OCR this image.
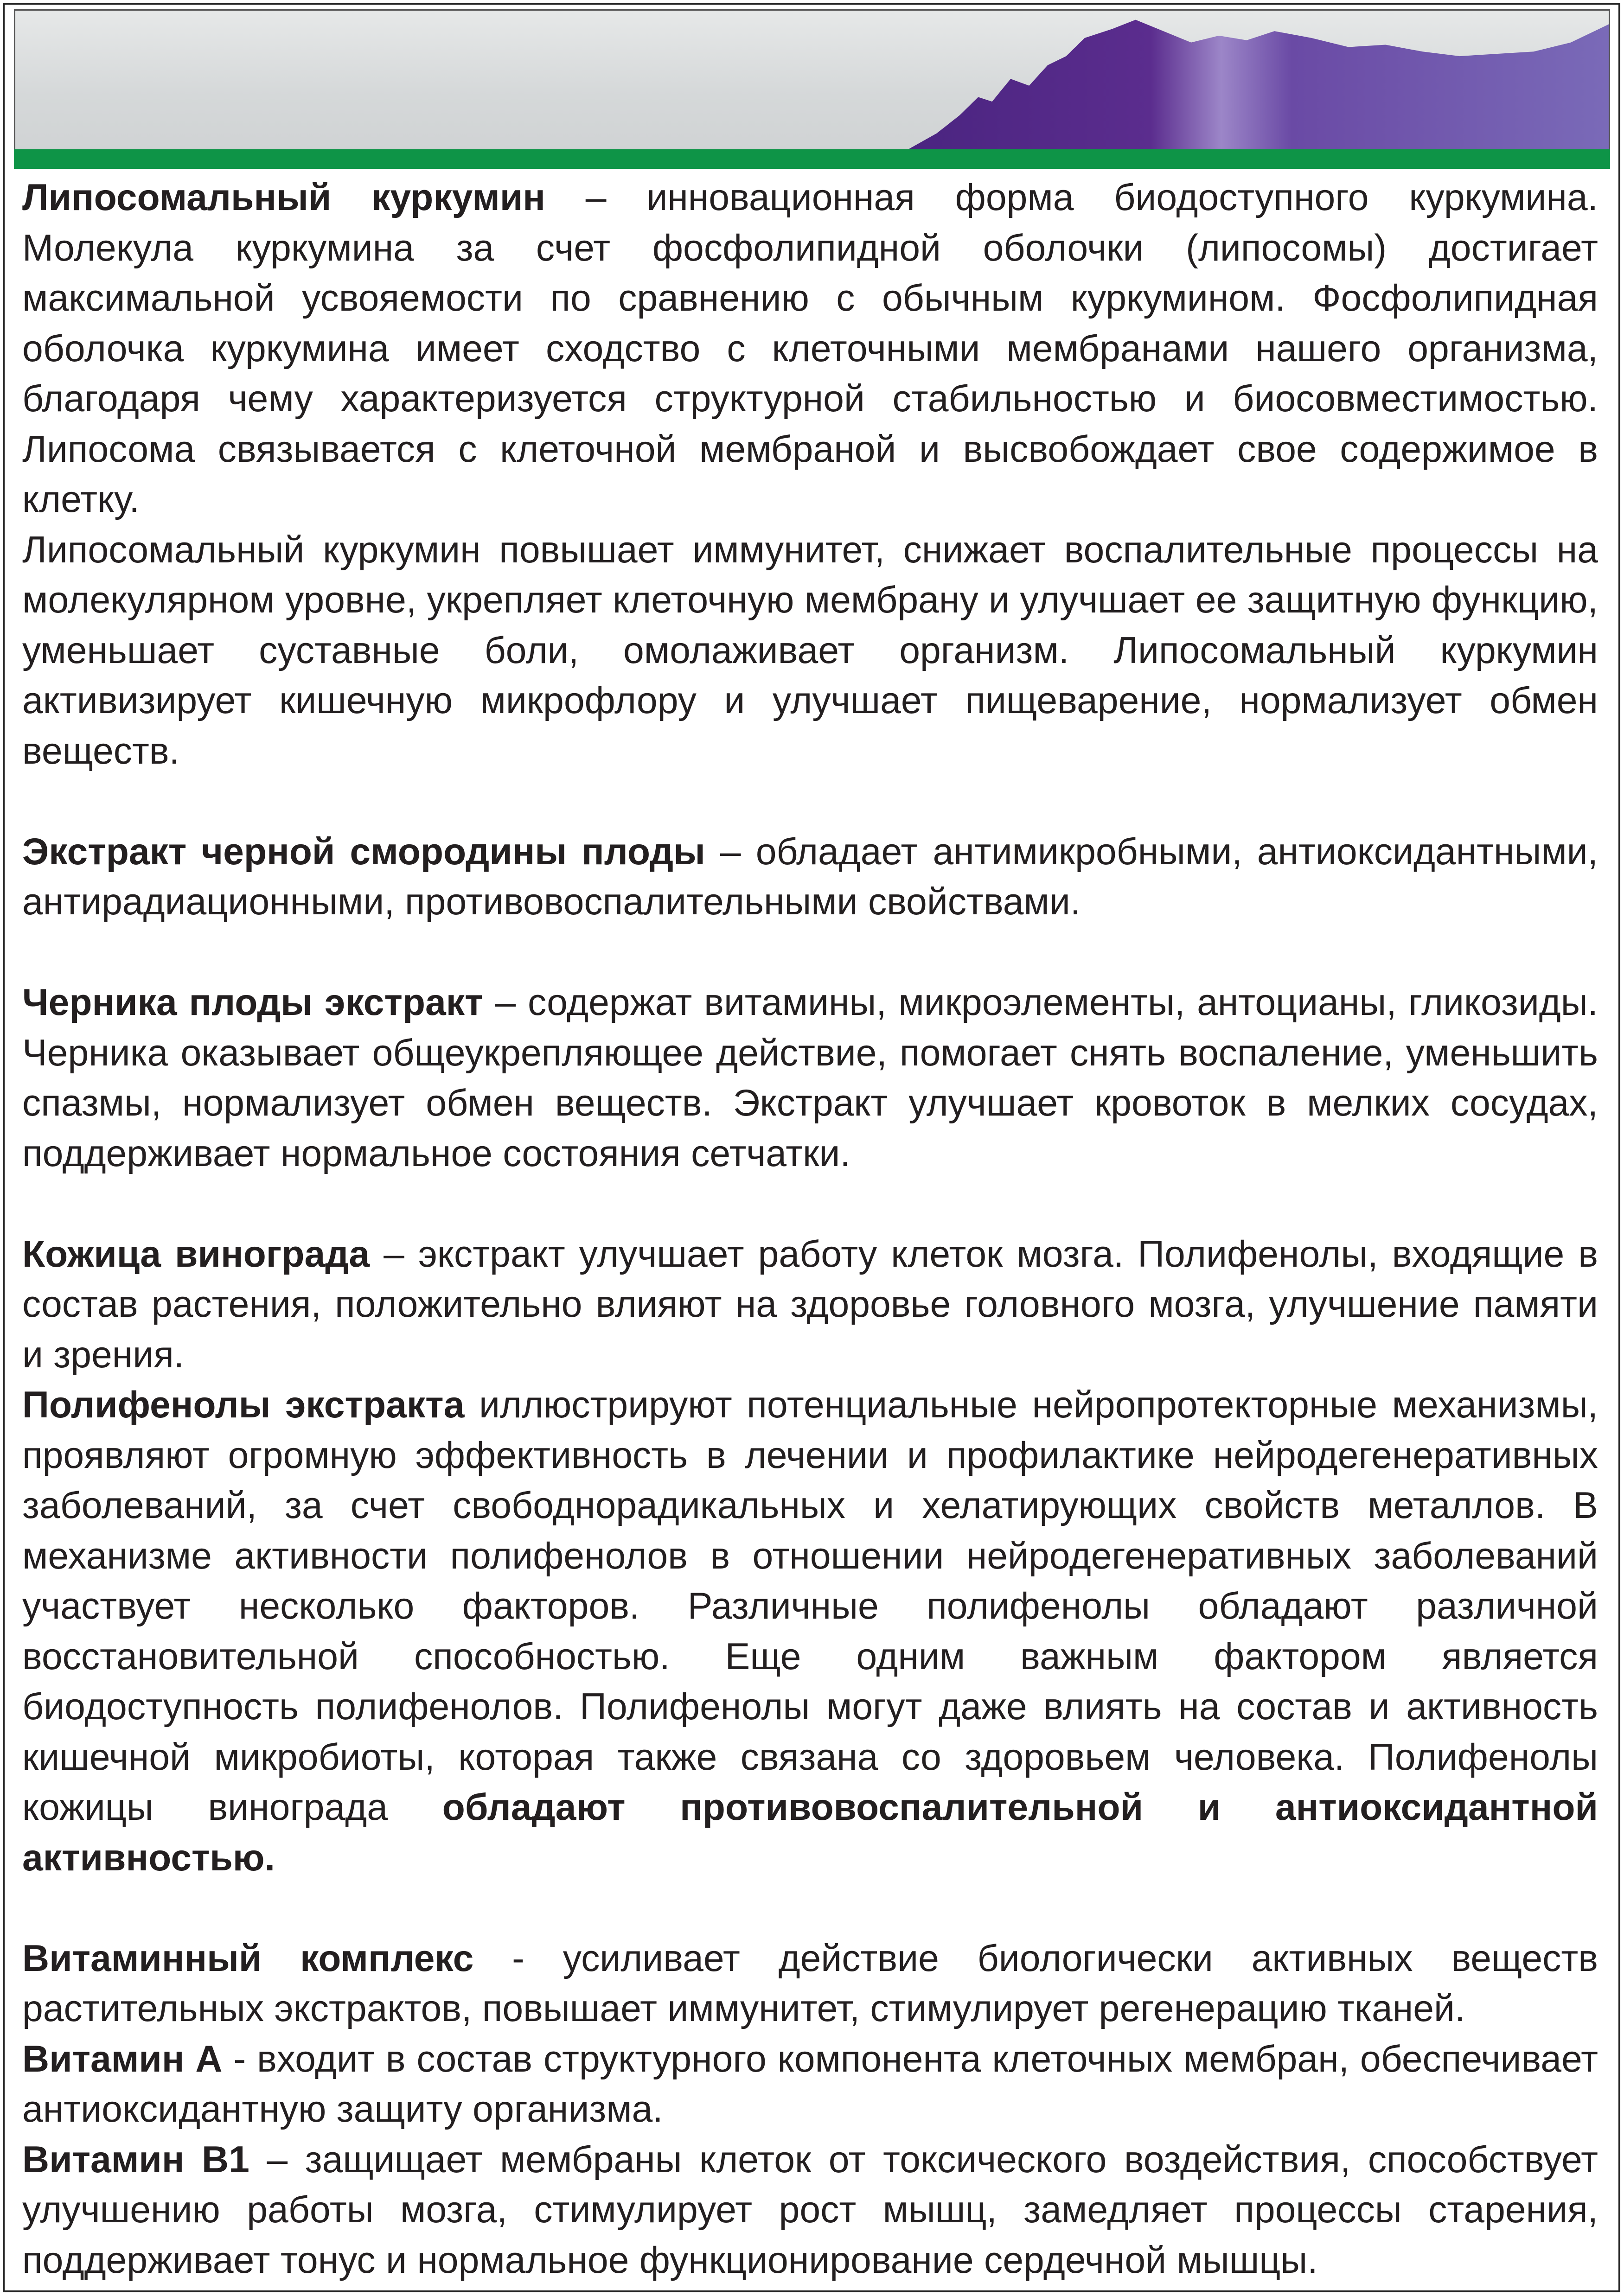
Липосомальный куркумин – инновационная форма биодоступного куркумина. Молекула куркумина за счет фосфолипидной оболочки (липосомы) достигает максимальной усвояемости по сравнению с обычным куркумином. Фосфолипидная оболочка куркумина имеет сходство с клеточными мембранами нашего организма, благодаря чему характеризуется структурной стабильностью и биосовместимостью. Липосома связывается с клеточной мембраной и высвобождает свое содержимое в клетку.

Липосомальный куркумин повышает иммунитет, снижает воспалительные процессы на молекулярном уровне, укрепляет клеточную мембрану и улучшает ее защитную функцию, уменьшает суставные боли, омолаживает организм. Липосомальный куркумин активизирует кишечную микрофлору и улучшает пищеварение, нормализует обмен веществ.

Экстракт черной смородины плоды – обладает антимикробными, антиоксидантными, антирадиационными, противовоспалительными свойствами.

Черника плоды экстракт – содержат витамины, микроэлементы, антоцианы, гликозиды. Черника оказывает общеукрепляющее действие, помогает снять воспаление, уменьшить спазмы, нормализует обмен веществ. Экстракт улучшает кровоток в мелких сосудах, поддерживает нормальное состояния сетчатки.

Кожица винограда – экстракт улучшает работу клеток мозга. Полифенолы, входящие в состав растения, положительно влияют на здоровье головного мозга, улучшение памяти и зрения.

Полифенолы экстракта иллюстрируют потенциальные нейропротекторные механизмы, проявляют огромную эффективность в лечении и профилактике нейродегенеративных заболеваний, за счет свободнорадикальных и хелатирующих свойств металлов. В механизме активности полифенолов в отношении нейродегенеративных заболеваний участвует несколько факторов. Различные полифенолы обладают различной восстановительной способностью. Еще одним важным фактором является биодоступность полифенолов. Полифенолы могут даже влиять на состав и активность кишечной микробиоты, которая также связана со здоровьем человека. Полифенолы кожицы винограда обладают противовоспалительной и антиоксидантной активностью.

Витаминный комплекс - усиливает действие биологически активных веществ растительных экстрактов, повышает иммунитет, стимулирует регенерацию тканей.

Витамин А - входит в состав структурного компонента клеточных мембран, обеспечивает антиоксидантную защиту организма.

Витамин В1 – защищает мембраны клеток от токсического воздействия, способствует улучшению работы мозга, стимулирует рост мышц, замедляет процессы старения, поддерживает тонус и нормальное функционирование сердечной мышцы.
